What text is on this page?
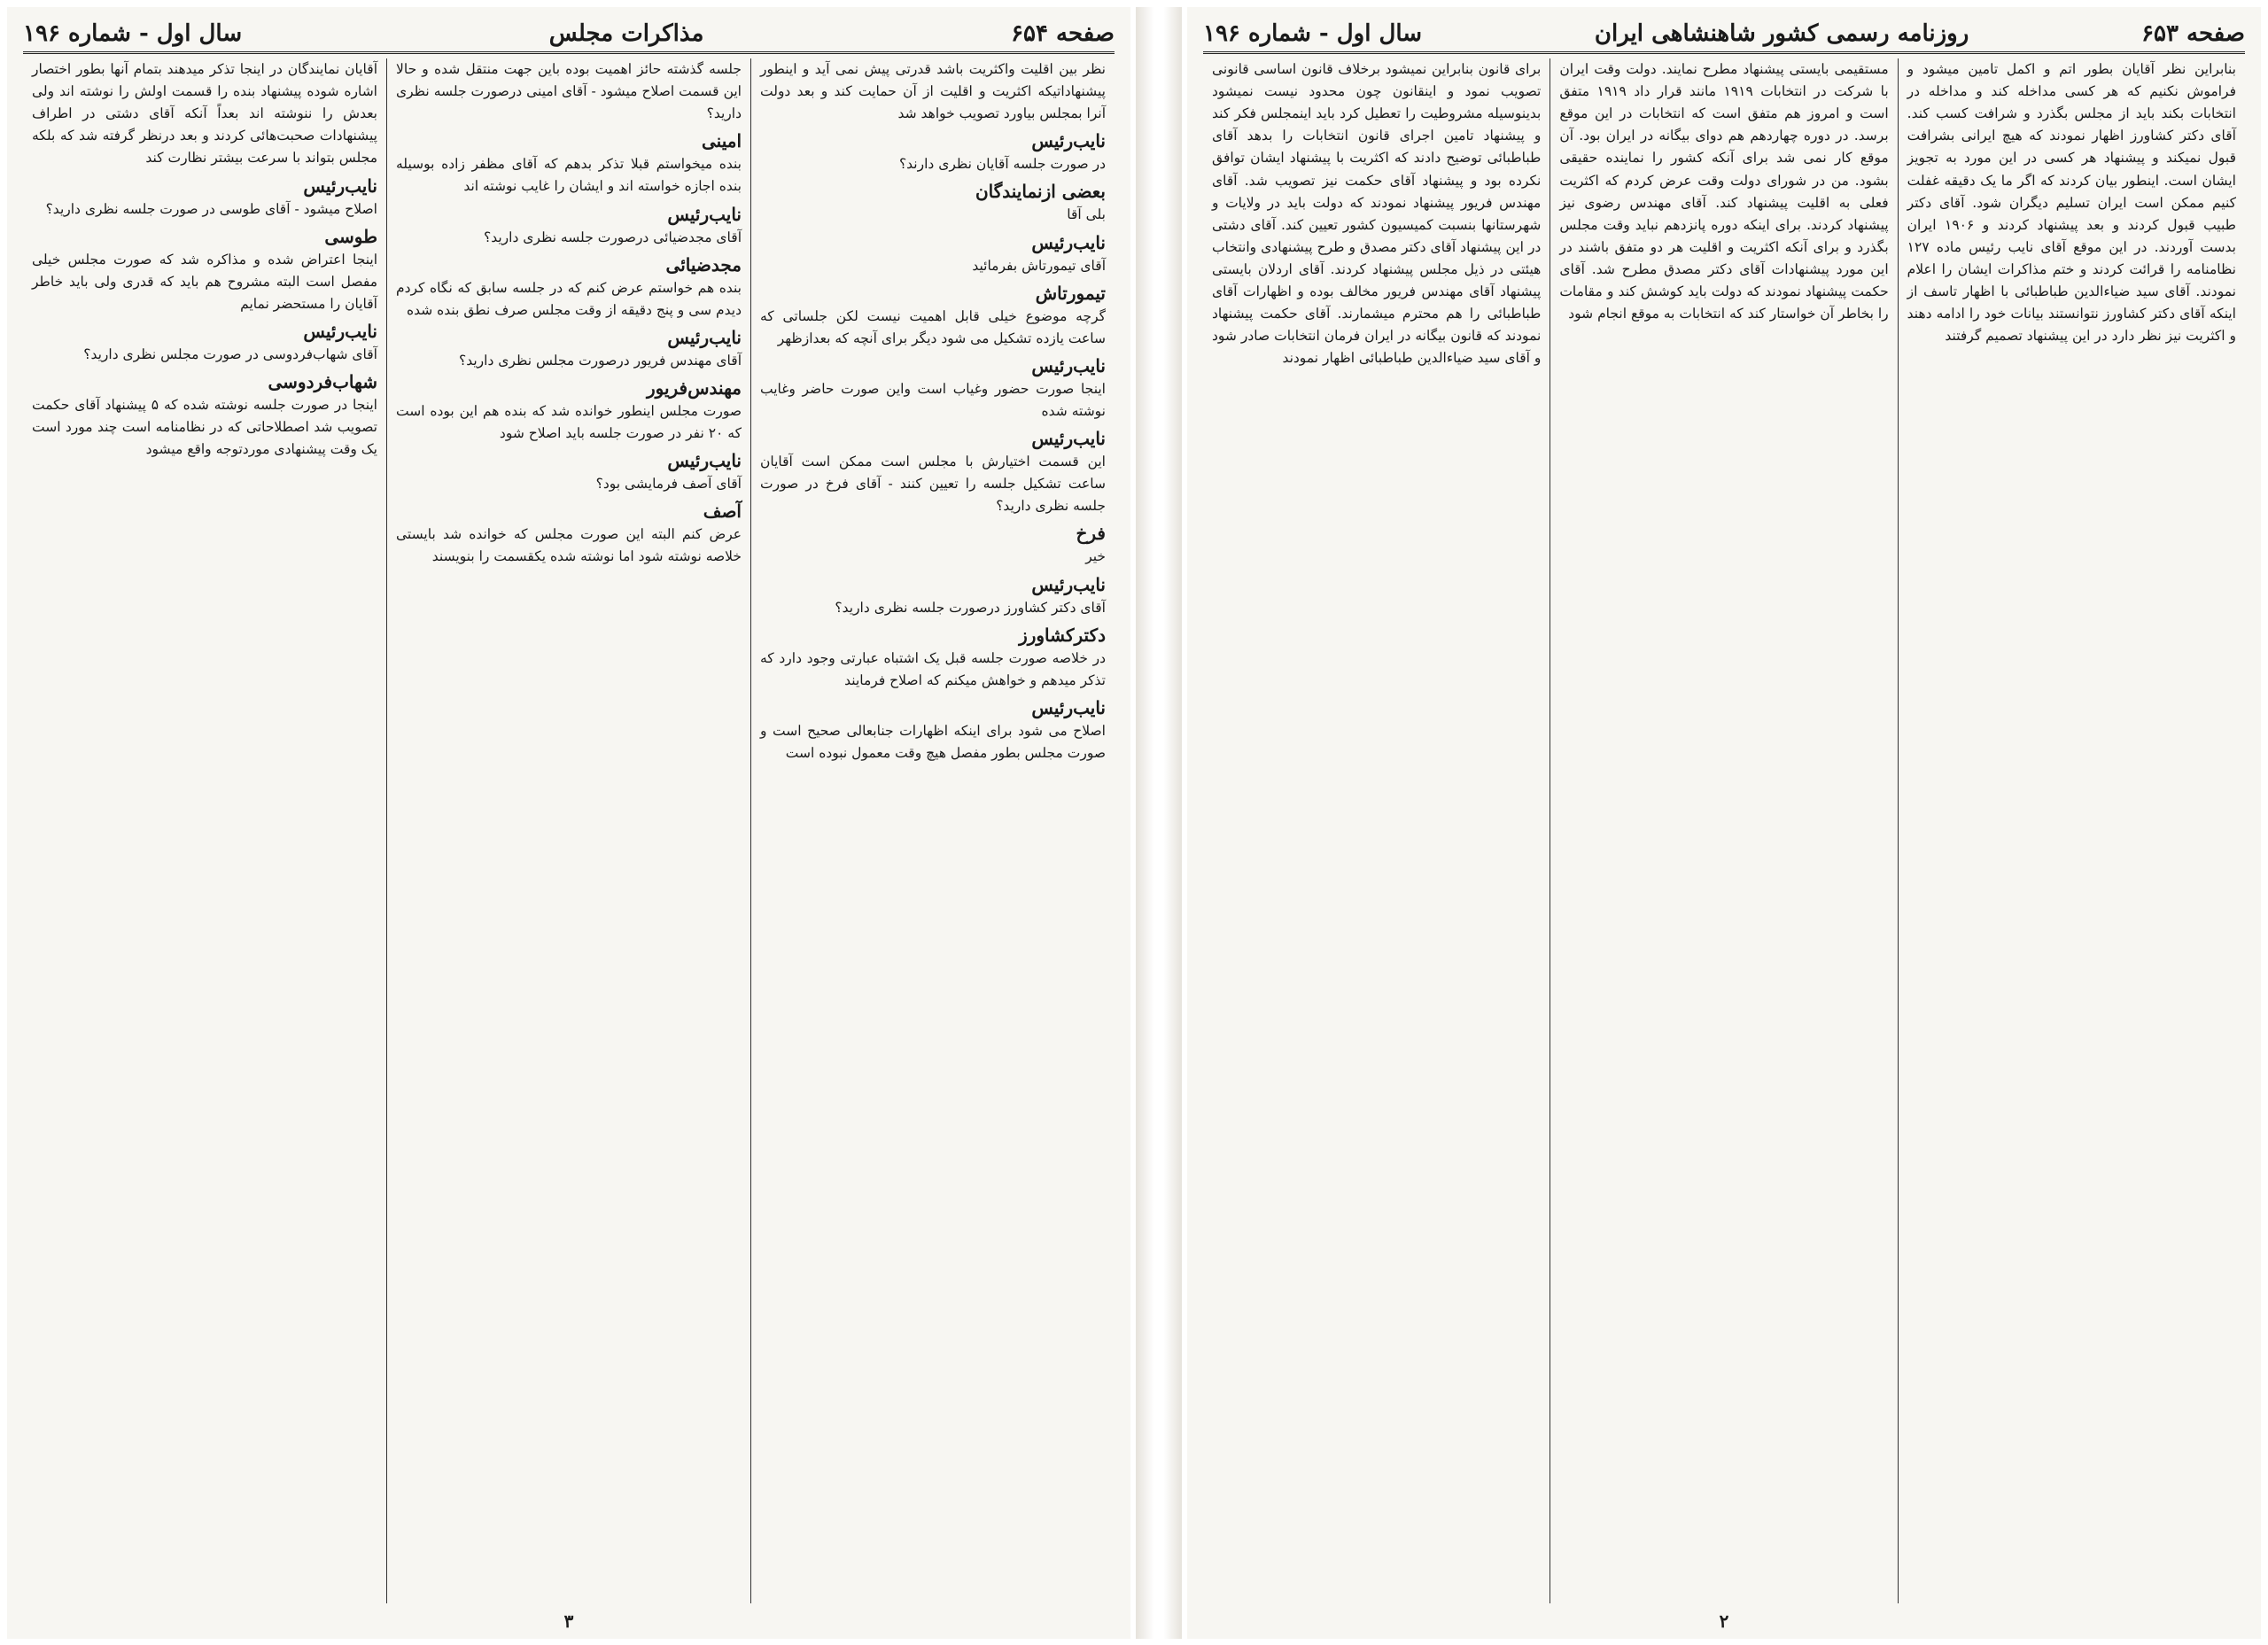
صفحه ۶۵۴
مذاکرات مجلس
سال اول - شماره ۱۹۶

نظر بین اقلیت واکثریت باشد قدرتی پیش نمی آید و اینطور پیشنهاداتیکه اکثریت و اقلیت از آن حمایت کند و بعد دولت آنرا بمجلس بیاورد تصویب خواهد شد

نایب‌رئیس

در صورت جلسه آقایان نظری دارند؟

بعضی ازنمایندگان

بلی آقا

نایب‌رئیس

آقای تیمورتاش بفرمائید

تیمورتاش

گرچه موضوع خیلی قابل اهمیت نیست لکن جلساتی که ساعت یازده تشکیل می شود دیگر برای آنچه که بعدازظهر

نایب‌رئیس

اینجا صورت حضور وغیاب است واین صورت حاضر وغایب نوشته شده

نایب‌رئیس

این قسمت اختیارش با مجلس است ممکن است آقایان ساعت تشکیل جلسه را تعیین کنند - آقای فرخ در صورت جلسه نظری دارید؟

فرخ

خیر

نایب‌رئیس

آقای دکتر کشاورز درصورت جلسه نظری دارید؟

دکترکشاورز

در خلاصه صورت جلسه قبل یک اشتباه عبارتی وجود دارد که تذکر میدهم و خواهش میکنم که اصلاح فرمایند

نایب‌رئیس

اصلاح می شود برای اینکه اظهارات جنابعالی صحیح است و صورت مجلس بطور مفصل هیچ وقت معمول نبوده است

جلسه گذشته حائز اهمیت بوده باین جهت منتقل شده و حالا این قسمت اصلاح میشود - آقای امینی درصورت جلسه نظری دارید؟

امینی

بنده میخواستم قبلا تذکر بدهم که آقای مظفر زاده بوسیله بنده اجازه خواسته اند و ایشان را غایب نوشته اند

نایب‌رئیس

آقای مجدضیائی درصورت جلسه نظری دارید؟

مجدضیائی

بنده هم خواستم عرض کنم که در جلسه سابق که نگاه کردم دیدم سی و پنج دقیقه از وقت مجلس صرف نطق بنده شده

نایب‌رئیس

آقای مهندس فریور درصورت مجلس نظری دارید؟

مهندس‌فریور

صورت مجلس اینطور خوانده شد که بنده هم این بوده است که ۲۰ نفر در صورت جلسه باید اصلاح شود

نایب‌رئیس

آقای آصف فرمایشی بود؟

آصف

عرض کنم البته این صورت مجلس که خوانده شد بایستی خلاصه نوشته شود اما نوشته شده یکقسمت را بنویسند

آقایان نمایندگان در اینجا تذکر میدهند بتمام آنها بطور اختصار اشاره شوده پیشنهاد بنده را قسمت اولش را نوشته اند ولی بعدش را ننوشته اند بعداً آنکه آقای دشتی در اطراف پیشنهادات صحبت‌هائی کردند و بعد درنظر گرفته شد که بلکه مجلس بتواند با سرعت بیشتر نظارت کند

نایب‌رئیس

اصلاح میشود - آقای طوسی در صورت جلسه نظری دارید؟

طوسی

اینجا اعتراض شده و مذاکره شد که صورت مجلس خیلی مفصل است البته مشروح هم باید که قدری ولی باید خاطر آقایان را مستحضر نمایم

نایب‌رئیس

آقای شهاب‌فردوسی در صورت مجلس نظری دارید؟

شهاب‌فردوسی

اینجا در صورت جلسه نوشته شده که ۵ پیشنهاد آقای حکمت تصویب شد اصطلاحاتی که در نظامنامه است چند مورد است یک وقت پیشنهادی موردتوجه واقع میشود

۳
صفحه ۶۵۳
روزنامه رسمی کشور شاهنشاهی ایران
سال اول - شماره ۱۹۶

بنابراین نظر آقایان بطور اتم و اکمل تامین میشود و فراموش نکنیم که هر کسی مداخله کند و مداخله در انتخابات بکند باید از مجلس بگذرد و شرافت کسب کند. آقای دکتر کشاورز اظهار نمودند که هیچ ایرانی بشرافت قبول نمیکند و پیشنهاد هر کسی در این مورد به تجویز ایشان است. اینطور بیان کردند که اگر ما یک دقیقه غفلت کنیم ممکن است ایران تسلیم دیگران شود. آقای دکتر طبیب قبول کردند و بعد پیشنهاد کردند و ۱۹۰۶ ایران بدست آوردند. در این موقع آقای نایب رئیس ماده ۱۲۷ نظامنامه را قرائت کردند و ختم مذاکرات ایشان را اعلام نمودند. آقای سید ضیاءالدین طباطبائی با اظهار تاسف از اینکه آقای دکتر کشاورز نتوانستند بیانات خود را ادامه دهند و اکثریت نیز نظر دارد در این پیشنهاد تصمیم گرفتند

مستقیمی بایستی پیشنهاد مطرح نمایند. دولت وقت ایران با شرکت در انتخابات ۱۹۱۹ مانند قرار داد ۱۹۱۹ متفق است و امروز هم متفق است که انتخابات در این موقع برسد. در دوره چهاردهم هم دوای بیگانه در ایران بود. آن موقع کار نمی شد برای آنکه کشور را نماینده حقیقی بشود. من در شورای دولت وقت عرض کردم که اکثریت فعلی به اقلیت پیشنهاد کند. آقای مهندس رضوی نیز پیشنهاد کردند. برای اینکه دوره پانزدهم نباید وقت مجلس بگذرد و برای آنکه اکثریت و اقلیت هر دو متفق باشند در این مورد پیشنهادات آقای دکتر مصدق مطرح شد. آقای حکمت پیشنهاد نمودند که دولت باید کوشش کند و مقامات را بخاطر آن خواستار کند که انتخابات به موقع انجام شود

برای قانون بنابراین نمیشود برخلاف قانون اساسی قانونی تصویب نمود و اینقانون چون محدود نیست نمیشود بدینوسیله مشروطیت را تعطیل کرد باید اینمجلس فکر کند و پیشنهاد تامین اجرای قانون انتخابات را بدهد آقای طباطبائی توضیح دادند که اکثریت با پیشنهاد ایشان توافق نکرده بود و پیشنهاد آقای حکمت نیز تصویب شد. آقای مهندس فریور پیشنهاد نمودند که دولت باید در ولایات و شهرستانها بنسبت کمیسیون کشور تعیین کند. آقای دشتی در این پیشنهاد آقای دکتر مصدق و طرح پیشنهادی وانتخاب هیئتی در ذیل مجلس پیشنهاد کردند. آقای اردلان بایستی پیشنهاد آقای مهندس فریور مخالف بوده و اظهارات آقای طباطبائی را هم محترم میشمارند. آقای حکمت پیشنهاد نمودند که قانون بیگانه در ایران فرمان انتخابات صادر شود و آقای سید ضیاءالدین طباطبائی اظهار نمودند

۲
